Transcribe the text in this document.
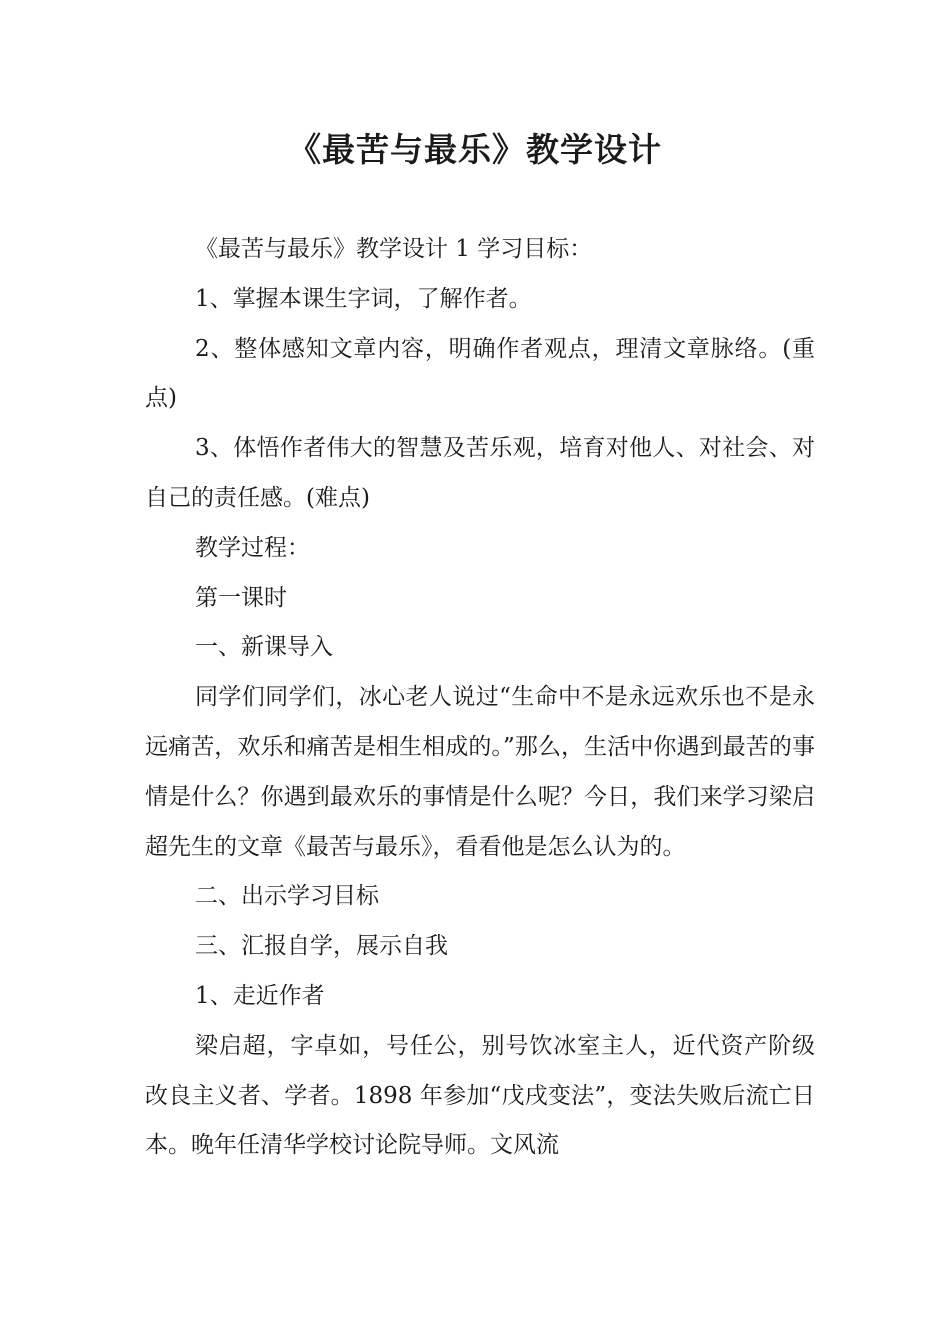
《最苦与最乐》教学设计

《最苦与最乐》教学设计 1 学习目标：

1、掌握本课生字词，了解作者。

2、整体感知文章内容，明确作者观点，理清文章脉络。(重点)

3、体悟作者伟大的智慧及苦乐观，培育对他人、对社会、对自己的责任感。(难点)

教学过程：

第一课时

一、新课导入

同学们同学们，冰心老人说过“生命中不是永远欢乐也不是永远痛苦，欢乐和痛苦是相生相成的。”那么，生活中你遇到最苦的事情是什么？你遇到最欢乐的事情是什么呢？今日，我们来学习梁启超先生的文章《最苦与最乐》，看看他是怎么认为的。

二、出示学习目标

三、汇报自学，展示自我

1、走近作者

梁启超，字卓如，号任公，别号饮冰室主人，近代资产阶级改良主义者、学者。1898 年参加“戊戌变法”，变法失败后流亡日本。晚年任清华学校讨论院导师。文风流
